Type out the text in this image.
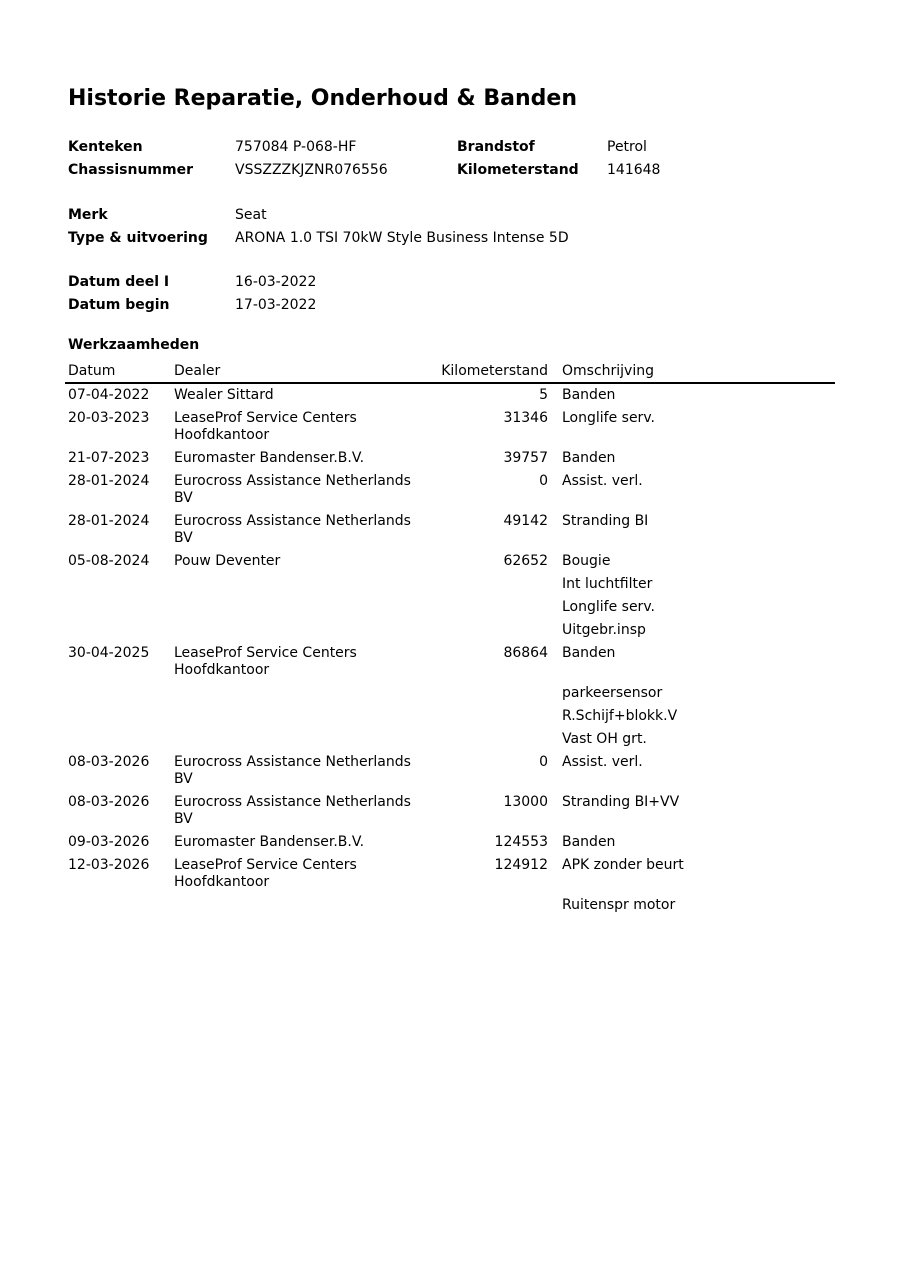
Historie Reparatie, Onderhoud & Banden
Kenteken	757084 P-068-HF	Brandstof	Petrol
Chassisnummer	VSSZZZKJZNR076556	Kilometerstand 141648
Merk	Seat
Type & uitvoering ARONA 1.0 TSI 70kW Style Business Intense 5D
Datum deel I	16-03-2022
Datum begin	17-03-2022
Werkzaamheden
Datum	Dealer	Kilometerstand	Omschrijving
07-04-2022	Wealer Sittard	5	Banden
20-03-2023	LeaseProf Service Centers Hoofdkantoor	31346	Longlife serv.
21-07-2023	Euromaster Bandenser.B.V.	39757	Banden
28-01-2024	Eurocross Assistance Netherlands BV	0	Assist. verl.
28-01-2024	Eurocross Assistance Netherlands BV	49142	Stranding BI
05-08-2024	Pouw Deventer	62652	Bougie
			Int luchtfilter
			Longlife serv.
			Uitgebr.insp
30-04-2025	LeaseProf Service Centers Hoofdkantoor	86864	Banden
			parkeersensor
			R.Schijf+blokk.V
			Vast OH grt.
08-03-2026	Eurocross Assistance Netherlands BV	0	Assist. verl.
08-03-2026	Eurocross Assistance Netherlands BV	13000	Stranding BI+VV
09-03-2026	Euromaster Bandenser.B.V.	124553	Banden
12-03-2026	LeaseProf Service Centers Hoofdkantoor	124912	APK zonder beurt
			Ruitenspr motor
